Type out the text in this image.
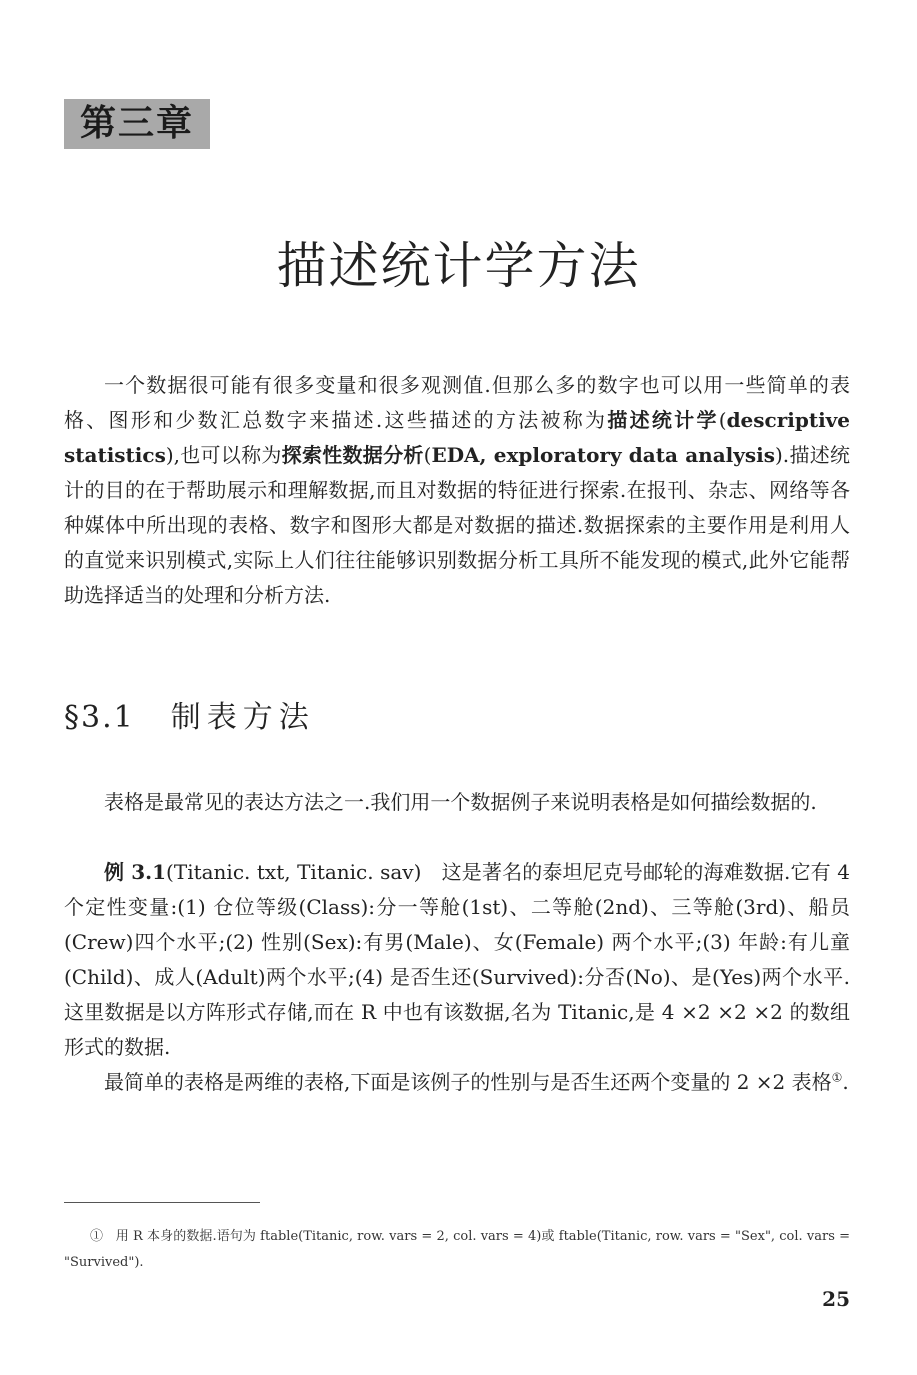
第三章
描述统计学方法

一个数据很可能有很多变量和很多观测值.但那么多的数字也可以用一些简单的表格、图形和少数汇总数字来描述.这些描述的方法被称为描述统计学(descriptive statistics),也可以称为探索性数据分析(EDA, exploratory data analysis).描述统计的目的在于帮助展示和理解数据,而且对数据的特征进行探索.在报刊、杂志、网络等各种媒体中所出现的表格、数字和图形大都是对数据的描述.数据探索的主要作用是利用人的直觉来识别模式,实际上人们往往能够识别数据分析工具所不能发现的模式,此外它能帮助选择适当的处理和分析方法.

§3.1 制表方法

表格是最常见的表达方法之一.我们用一个数据例子来说明表格是如何描绘数据的.

例 3.1(Titanic. txt, Titanic. sav)　这是著名的泰坦尼克号邮轮的海难数据.它有 4 个定性变量:(1) 仓位等级(Class):分一等舱(1st)、二等舱(2nd)、三等舱(3rd)、船员(Crew)四个水平;(2) 性别(Sex):有男(Male)、女(Female) 两个水平;(3) 年龄:有儿童(Child)、成人(Adult)两个水平;(4) 是否生还(Survived):分否(No)、是(Yes)两个水平.这里数据是以方阵形式存储,而在 R 中也有该数据,名为 Titanic,是 4 ×2 ×2 ×2 的数组形式的数据.

最简单的表格是两维的表格,下面是该例子的性别与是否生还两个变量的 2 ×2 表格①.

① 用 R 本身的数据.语句为 ftable(Titanic, row. vars = 2, col. vars = 4)或 ftable(Titanic, row. vars = "Sex", col. vars = "Survived").

25
